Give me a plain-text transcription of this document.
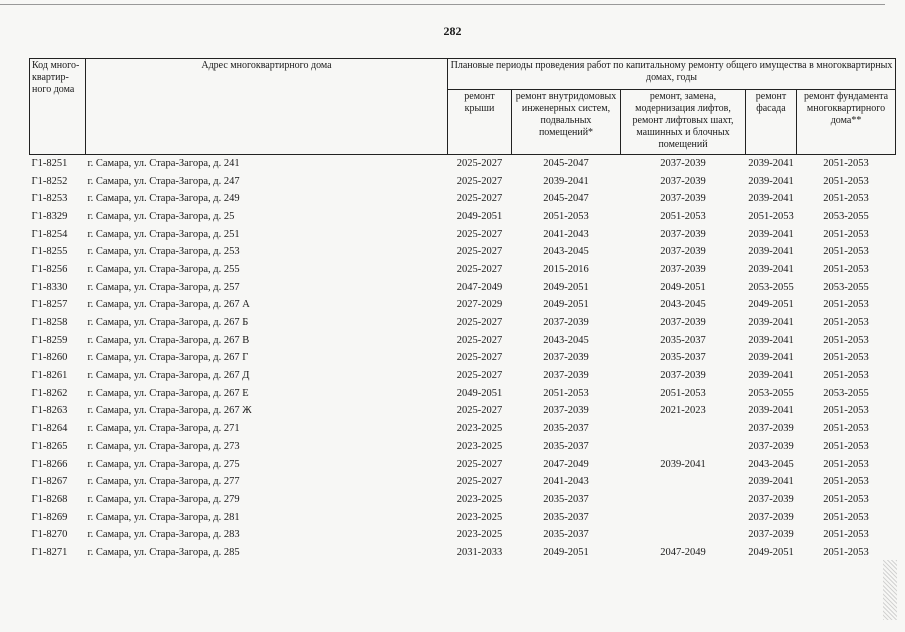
282
Код много-квартир-ного дома	Адрес многоквартирного дома	Плановые периоды проведения работ по капитальному ремонту общего имущества в многоквартирных домах, годы				
		ремонт крыши	ремонт внутридомовых инженерных систем, подвальных помещений*	ремонт, замена, модернизация лифтов, ремонт лифтовых шахт, машинных и блочных помещений	ремонт фасада	ремонт фундамента многоквартирного дома**
Г1-8251	г. Самара, ул. Стара-Загора, д. 241	2025-2027	2045-2047	2037-2039	2039-2041	2051-2053
Г1-8252	г. Самара, ул. Стара-Загора, д. 247	2025-2027	2039-2041	2037-2039	2039-2041	2051-2053
Г1-8253	г. Самара, ул. Стара-Загора, д. 249	2025-2027	2045-2047	2037-2039	2039-2041	2051-2053
Г1-8329	г. Самара, ул. Стара-Загора, д. 25	2049-2051	2051-2053	2051-2053	2051-2053	2053-2055
Г1-8254	г. Самара, ул. Стара-Загора, д. 251	2025-2027	2041-2043	2037-2039	2039-2041	2051-2053
Г1-8255	г. Самара, ул. Стара-Загора, д. 253	2025-2027	2043-2045	2037-2039	2039-2041	2051-2053
Г1-8256	г. Самара, ул. Стара-Загора, д. 255	2025-2027	2015-2016	2037-2039	2039-2041	2051-2053
Г1-8330	г. Самара, ул. Стара-Загора, д. 257	2047-2049	2049-2051	2049-2051	2053-2055	2053-2055
Г1-8257	г. Самара, ул. Стара-Загора, д. 267 А	2027-2029	2049-2051	2043-2045	2049-2051	2051-2053
Г1-8258	г. Самара, ул. Стара-Загора, д. 267 Б	2025-2027	2037-2039	2037-2039	2039-2041	2051-2053
Г1-8259	г. Самара, ул. Стара-Загора, д. 267 В	2025-2027	2043-2045	2035-2037	2039-2041	2051-2053
Г1-8260	г. Самара, ул. Стара-Загора, д. 267 Г	2025-2027	2037-2039	2035-2037	2039-2041	2051-2053
Г1-8261	г. Самара, ул. Стара-Загора, д. 267 Д	2025-2027	2037-2039	2037-2039	2039-2041	2051-2053
Г1-8262	г. Самара, ул. Стара-Загора, д. 267 Е	2049-2051	2051-2053	2051-2053	2053-2055	2053-2055
Г1-8263	г. Самара, ул. Стара-Загора, д. 267 Ж	2025-2027	2037-2039	2021-2023	2039-2041	2051-2053
Г1-8264	г. Самара, ул. Стара-Загора, д. 271	2023-2025	2035-2037		2037-2039	2051-2053
Г1-8265	г. Самара, ул. Стара-Загора, д. 273	2023-2025	2035-2037		2037-2039	2051-2053
Г1-8266	г. Самара, ул. Стара-Загора, д. 275	2025-2027	2047-2049	2039-2041	2043-2045	2051-2053
Г1-8267	г. Самара, ул. Стара-Загора, д. 277	2025-2027	2041-2043		2039-2041	2051-2053
Г1-8268	г. Самара, ул. Стара-Загора, д. 279	2023-2025	2035-2037		2037-2039	2051-2053
Г1-8269	г. Самара, ул. Стара-Загора, д. 281	2023-2025	2035-2037		2037-2039	2051-2053
Г1-8270	г. Самара, ул. Стара-Загора, д. 283	2023-2025	2035-2037		2037-2039	2051-2053
Г1-8271	г. Самара, ул. Стара-Загора, д. 285	2031-2033	2049-2051	2047-2049	2049-2051	2051-2053
